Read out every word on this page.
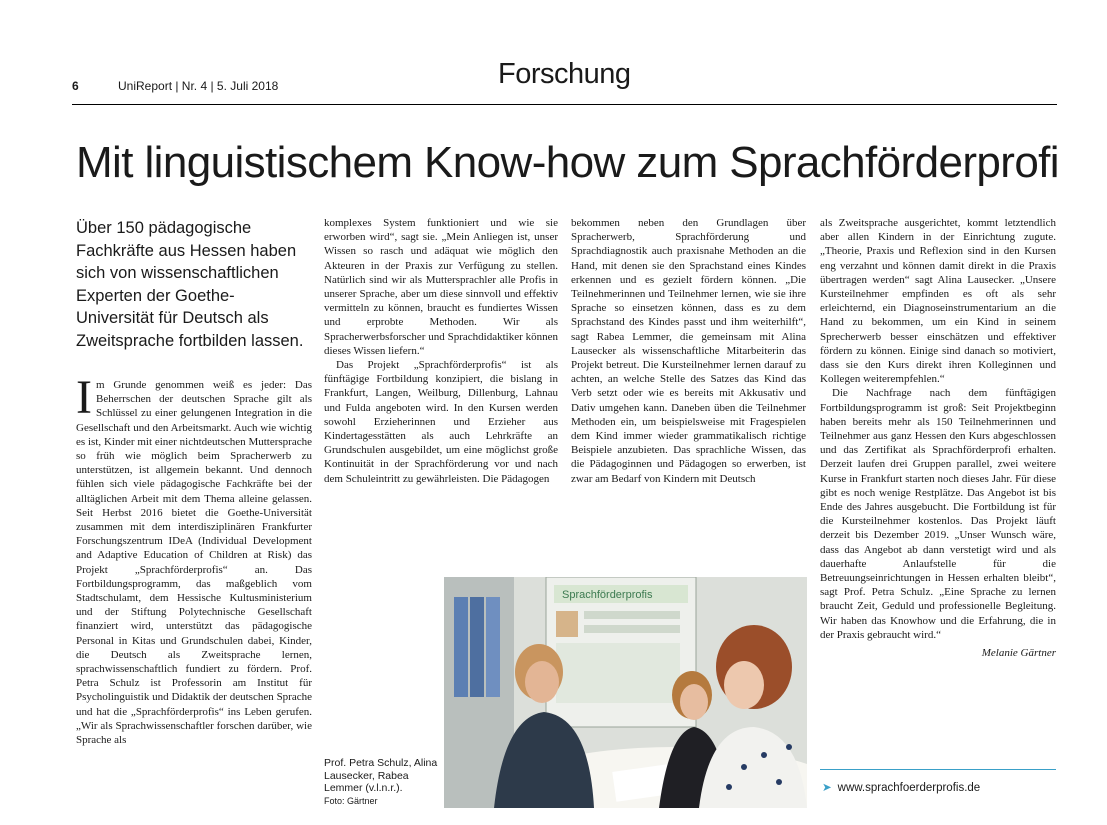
6	UniReport | Nr. 4 | 5. Juli 2018	Forschung
Mit linguistischem Know-how zum Sprachförderprofi

Über 150 pädagogische Fachkräfte aus Hessen haben sich von wissenschaftlichen Experten der Goethe-Universität für Deutsch als Zweitsprache fortbilden lassen.

Im Grunde genommen weiß es jeder: Das Beherrschen der deutschen Sprache gilt als Schlüssel zu einer gelungenen Integration in die Gesellschaft und den Arbeitsmarkt. Auch wie wichtig es ist, Kinder mit einer nichtdeutschen Muttersprache so früh wie möglich beim Spracherwerb zu unterstützen, ist allgemein bekannt. Und dennoch fühlen sich viele pädagogische Fachkräfte bei der alltäglichen Arbeit mit dem Thema alleine gelassen. Seit Herbst 2016 bietet die Goethe-Universität zusammen mit dem interdisziplinären Frankfurter Forschungszentrum IDeA (Individual Development and Adaptive Education of Children at Risk) das Projekt „Sprachförderprofis“ an. Das Fortbildungsprogramm, das maßgeblich vom Stadtschulamt, dem Hessische Kultusministerium und der Stiftung Polytechnische Gesellschaft finanziert wird, unterstützt das pädagogische Personal in Kitas und Grundschulen dabei, Kinder, die Deutsch als Zweitsprache lernen, sprachwissenschaftlich fundiert zu fördern. Prof. Petra Schulz ist Professorin am Institut für Psycholinguistik und Didaktik der deutschen Sprache und hat die „Sprachförderprofis“ ins Leben gerufen. „Wir als Sprachwissenschaftler forschen darüber, wie Sprache als

komplexes System funktioniert und wie sie erworben wird“, sagt sie. „Mein Anliegen ist, unser Wissen so rasch und adäquat wie möglich den Akteuren in der Praxis zur Verfügung zu stellen. Natürlich sind wir als Muttersprachler alle Profis in unserer Sprache, aber um diese sinnvoll und effektiv vermitteln zu können, braucht es fundiertes Wissen und erprobte Methoden. Wir als Spracherwerbsforscher und Sprachdidaktiker können dieses Wissen liefern.“

Das Projekt „Sprachförderprofis“ ist als fünftägige Fortbildung konzipiert, die bislang in Frankfurt, Langen, Weilburg, Dillenburg, Lahnau und Fulda angeboten wird. In den Kursen werden sowohl Erzieherinnen und Erzieher aus Kindertagesstätten als auch Lehrkräfte an Grundschulen ausgebildet, um eine möglichst große Kontinuität in der Sprachförderung vor und nach dem Schuleintritt zu gewährleisten. Die Pädagogen

bekommen neben den Grundlagen über Spracherwerb, Sprachförderung und Sprachdiagnostik auch praxisnahe Methoden an die Hand, mit denen sie den Sprachstand eines Kindes erkennen und es gezielt fördern können. „Die Teilnehmerinnen und Teilnehmer lernen, wie sie ihre Sprache so einsetzen können, dass es zu dem Sprachstand des Kindes passt und ihm weiterhilft“, sagt Rabea Lemmer, die gemeinsam mit Alina Lausecker als wissenschaftliche Mitarbeiterin das Projekt betreut. Die Kursteilnehmer lernen darauf zu achten, an welche Stelle des Satzes das Kind das Verb setzt oder wie es bereits mit Akkusativ und Dativ umgehen kann. Daneben üben die Teilnehmer Methoden ein, um beispielsweise mit Fragespielen dem Kind immer wieder grammatikalisch richtige Beispiele anzubieten. Das sprachliche Wissen, das die Pädagoginnen und Pädagogen so erwerben, ist zwar am Bedarf von Kindern mit Deutsch

als Zweitsprache ausgerichtet, kommt letztendlich aber allen Kindern in der Einrichtung zugute. „Theorie, Praxis und Reflexion sind in den Kursen eng verzahnt und können damit direkt in die Praxis übertragen werden“ sagt Alina Lausecker. „Unsere Kursteilnehmer empfinden es oft als sehr erleichternd, ein Diagnoseinstrumentarium an die Hand zu bekommen, um ein Kind in seinem Sprecherwerb besser einschätzen und effektiver fördern zu können. Einige sind danach so motiviert, dass sie den Kurs direkt ihren Kolleginnen und Kollegen weiterempfehlen.“

Die Nachfrage nach dem fünftägigen Fortbildungsprogramm ist groß: Seit Projektbeginn haben bereits mehr als 150 Teilnehmerinnen und Teilnehmer aus ganz Hessen den Kurs abgeschlossen und das Zertifikat als Sprachförderprofi erhalten. Derzeit laufen drei Gruppen parallel, zwei weitere Kurse in Frankfurt starten noch dieses Jahr. Für diese gibt es noch wenige Restplätze. Das Angebot ist bis Ende des Jahres ausgebucht. Die Fortbildung ist für die Kursteilnehmer kostenlos. Das Projekt läuft derzeit bis Dezember 2019. „Unser Wunsch wäre, dass das Angebot ab dann verstetigt wird und als dauerhafte Anlaufstelle für die Betreuungseinrichtungen in Hessen erhalten bleibt“, sagt Prof. Petra Schulz. „Eine Sprache zu lernen braucht Zeit, Geduld und professionelle Begleitung. Wir haben das Knowhow und die Erfahrung, die in der Praxis gebraucht wird.“

Melanie Gärtner
Sprachförderprofis
Prof. Petra Schulz, Alina Lausecker, Rabea Lemmer (v.l.n.r.).
Foto: Gärtner
➤ www.sprachfoerderprofis.de
